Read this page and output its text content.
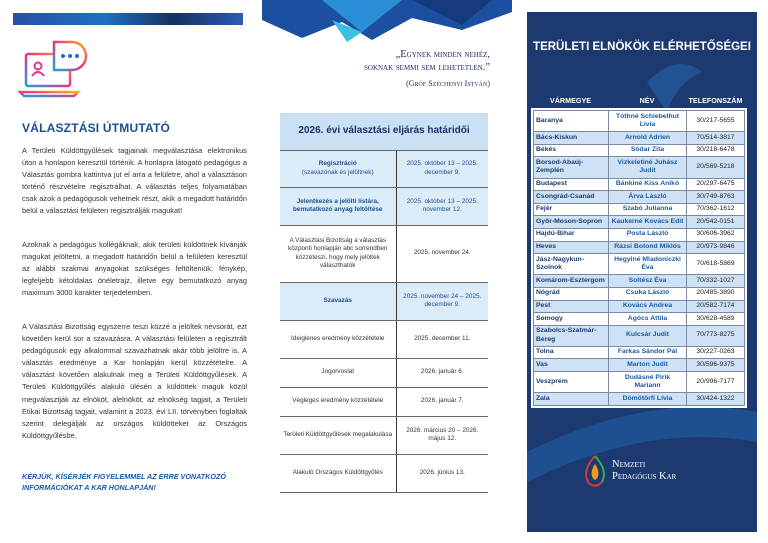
VÁLASZTÁSI ÚTMUTATÓ

A Területi Küldöttgyűlések tagjainak megválasztása elektronikus úton a honlapon keresztül történik. A honlapra látogató pedagógus a Választás gombra kattintva jut el arra a felületre, ahol a választáson történő részvételre regisztrálhat. A választás teljes folyamatában csak azok a pedagógusok vehetnek részt, akik a megadott határidőn belül a választási felületen regisztrálják magukat!

Azoknak a pedagógus kollégáknak, akik területi küldöttnek kívánják magukat jelöltetni, a megadott határidőn belül a felületen keresztül az alábbi szakmai anyagokat szükséges feltölteniük: fénykép, legfeljebb kétoldalas önéletrajz, illetve egy bemutatkozó anyag maximum 3000 karakter terjedelemben.

A Választási Bizottság egyszerre teszi közzé a jelöltek névsorát, ezt követően kerül sor a szavazásra. A választási felületen a regisztrált pedagógusok egy alkalommal szavazhatnak akár több jelöltre is. A választás eredménye a Kar honlapján kerül közzétételre. A választást követően alakulnak meg a Területi Küldöttgyűlések. A Területi Küldöttgyűlés alakuló ülésén a küldöttek maguk közül megválasztják az elnököt, alelnököt, az elnökség tagjait, a Területi Etikai Bizottság tagjait, valamint a 2023. évi LII. törvényben foglaltak szerint delegálják az országos küldötteket az Országos Küldöttgyűlésbe.

KÉRJÜK, KÍSÉRJÉK FIGYELEMMEL AZ ERRE VONATKOZÓ INFORMÁCIÓKAT A KAR HONLAPJÁN!

„Egynek minden nehéz,
soknak semmi sem lehetetlen.”
(Gróf Széchenyi István)
2026. évi választási eljárás határidői	

Regisztráció
(szavazónak és jelöltnek)	2025. október 13 – 2025. december 9.

Jelentkezés a jelölti listára, bemutatkozó anyag feltöltése	2025. október 13 – 2025. november 12.

A Választási Bizottság a választás központi honlapján abc sorrendben közzéteszi, hogy mely jelöltek választhatók	2025. november 24.

Szavazás	2025. november 24 – 2025. december 9.

Ideiglenes eredmény közzététele	2025. december 11.

Jogorvoslat	2026. január 6.

Végleges eredmény közzététele	2026. január 7.

Területi Küldöttgyűlések megalakulása	2026. március 20 – 2026. május 12.

Alakuló Országos Küldöttgyűlés	2026. június 13.
TERÜLETI ELNÖKÖK ELÉRHETŐSÉGEI
VÁRMEGYE	NÉV	TELEFONSZÁM
Baranya	Tóthné Schiebelhut Lívia	30/217-5655
Bács-Kiskun	Arnold Adrien	70/514-3817
Békés	Sódar Zita	30/218-6478
Borsod-Abaúj-Zemplén	Vizkeletiné Juhász Judit	20/569-5218
Budapest	Bánkiné Kiss Anikó	20/297-6475
Csongrád-Csanád	Árva László	30/749-8763
Fejér	Szabó Julianna	70/362-1612
Győr-Moson-Sopron	Kaukerné Kovács Edit	20/542-0151
Hajdú-Bihar	Posta László	30/606-3962
Heves	Rázsi Botond Miklós	20/973-9846
Jász-Nagykun-Szolnok	Hegyiné Mladoniczki Éva	70/618-5869
Komárom-Esztergom	Soltész Éva	70/332-1027
Nógrád	Csuka László	20/485-3890
Pest	Kovács Andrea	20/582-7174
Somogy	Agócs Attila	30/628-4589
Szabolcs-Szatmár-Bereg	Kulcsár Judit	70/773-8275
Tolna	Farkas Sándor Pál	30/227-0263
Vas	Marton Judit	30/596-9375
Veszprém	Dudásné Pirik Mariann	20/996-7177
Zala	Dömötörfi Lívia	30/424-1322
Nemzeti
Pedagógus Kar
